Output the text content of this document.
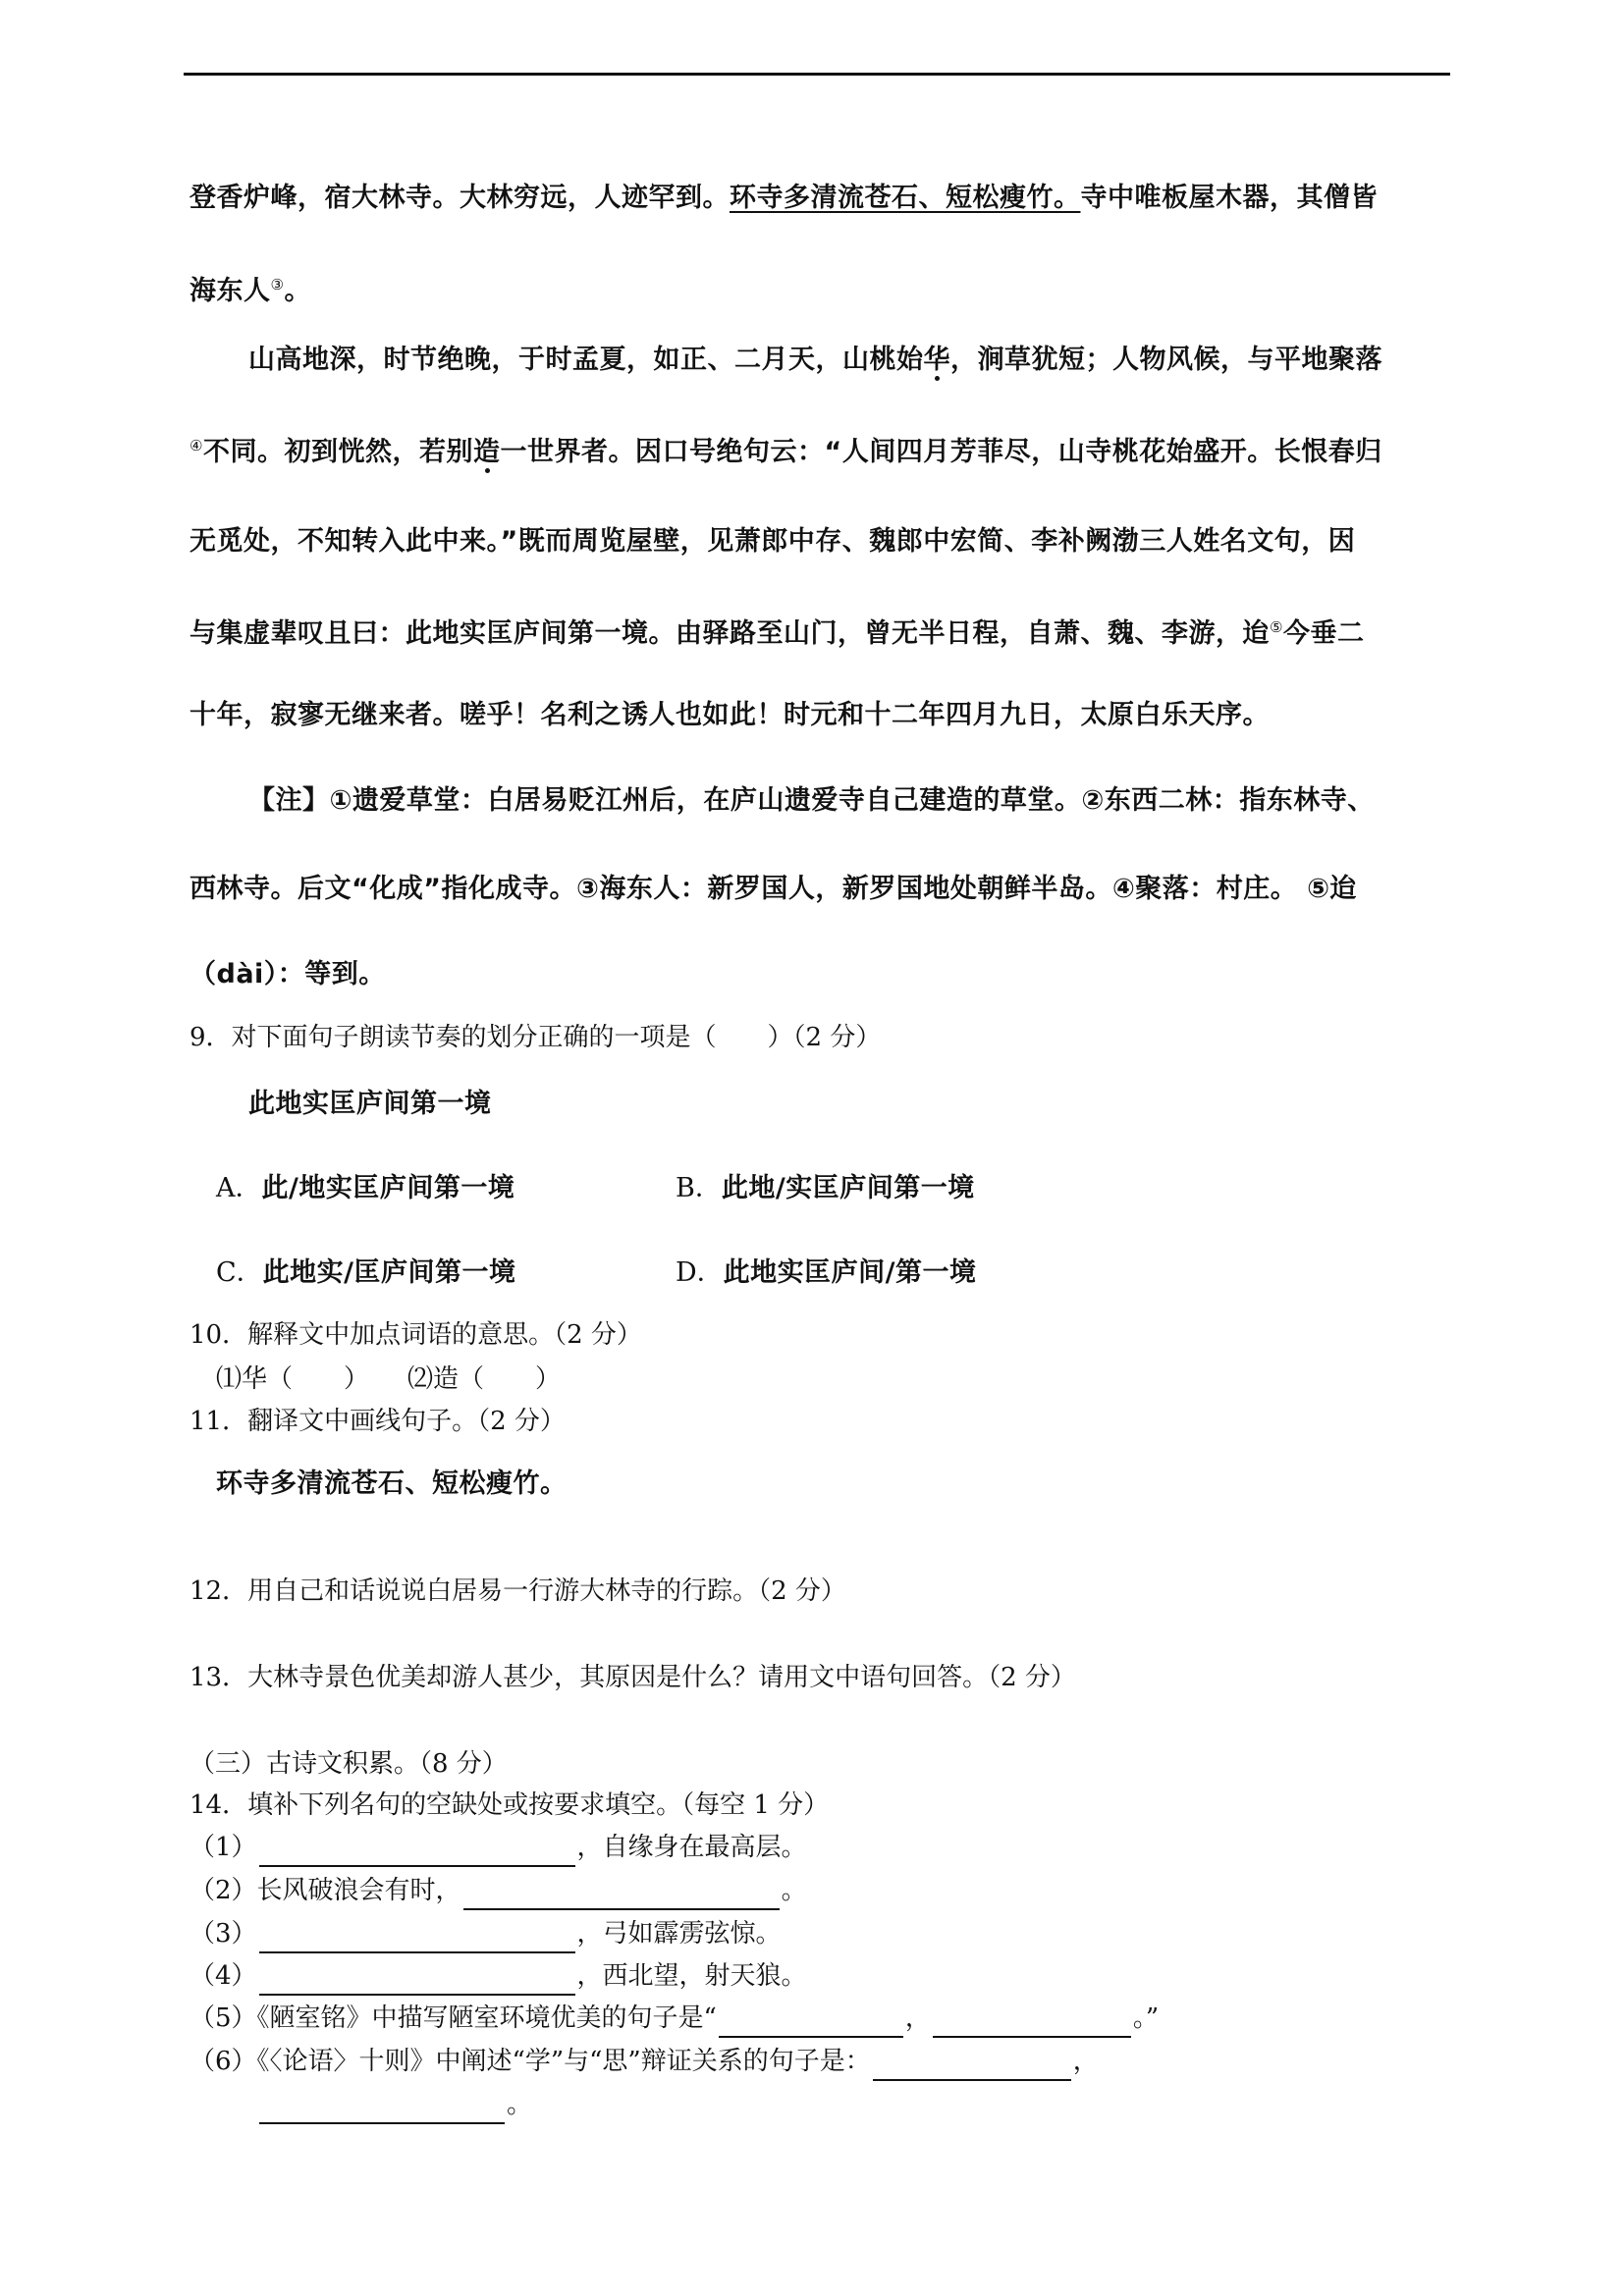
登香炉峰，宿大林寺。大林穷远，人迹罕到。环寺多清流苍石、短松瘦竹。寺中唯板屋木器，其僧皆
海东人③。
山高地深，时节绝晚，于时孟夏，如正、二月天，山桃始华，涧草犹短；人物风候，与平地聚落
④不同。初到恍然，若别造一世界者。因口号绝句云：“人间四月芳菲尽，山寺桃花始盛开。长恨春归
无觅处，不知转入此中来。”既而周览屋壁，见萧郎中存、魏郎中宏简、李补阙渤三人姓名文句，因
与集虚辈叹且曰：此地实匡庐间第一境。由驿路至山门，曾无半日程，自萧、魏、李游，迨⑤今垂二
十年，寂寥无继来者。嗟乎！名利之诱人也如此！时元和十二年四月九日，太原白乐天序。
【注】①遗爱草堂：白居易贬江州后，在庐山遗爱寺自己建造的草堂。②东西二林：指东林寺、
西林寺。后文“化成”指化成寺。③海东人：新罗国人，新罗国地处朝鲜半岛。④聚落：村庄。 ⑤迨
（dài）：等到。
9．对下面句子朗读节奏的划分正确的一项是（　　）（2 分）
此地实匡庐间第一境
A．此/地实匡庐间第一境	B．此地/实匡庐间第一境
C．此地实/匡庐间第一境	D．此地实匡庐间/第一境
10．解释文中加点词语的意思。（2 分）
⑴华（　　）　　⑵造（　　）
11．翻译文中画线句子。（2 分）
环寺多清流苍石、短松瘦竹。
12．用自己和话说说白居易一行游大林寺的行踪。（2 分）
13．大林寺景色优美却游人甚少，其原因是什么？请用文中语句回答。（2 分）
（三）古诗文积累。（8 分）
14．填补下列名句的空缺处或按要求填空。（每空 1 分）
（1）	，自缘身在最高层。
（2）长风破浪会有时，	。
（3）	，弓如霹雳弦惊。
（4）	，西北望，射天狼。
（5）《陋室铭》中描写陋室环境优美的句子是“	，	。”
（6）《〈论语〉十则》中阐述“学”与“思”辩证关系的句子是：	，
。
